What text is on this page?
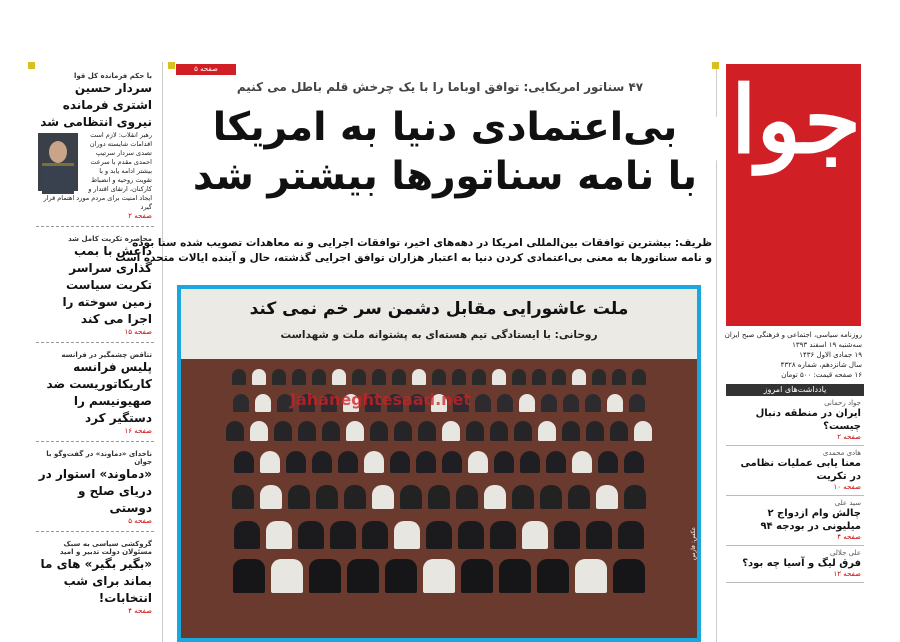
جوان
روزنامه سیاسی، اجتماعی و فرهنگی صبح ایران
سه‌شنبه ۱۹ اسفند ۱۳۹۳
۱۹ جمادی الاول ۱۴۳۶
سال شانزدهم، شماره ۴۳۲۸
۱۶ صفحه قیمت: ۵۰۰ تومان
یادداشت‌های امروز
جواد رحمانی
ایران در منطقه دنبال چیست؟
صفحه ۲
هادی محمدی
معنا یابی عملیات نظامی در تکریت
صفحه ۱۰
سید علی
چالش وام ازدواج ۲ میلیونی در بودجه ۹۴
صفحه ۴
علی جلالی
فرق لیگ و آسیا چه بود؟
صفحه ۱۲
با حکم فرمانده کل قوا
سردار حسین اشتری فرمانده نیروی انتظامی شد
رهبر انقلاب: لازم است اقدامات شایسته دوران تصدی سردار سرتیپ احمدی مقدم با سرعت بیشتر ادامه یابد و با تقویت روحیه و انضباط کارکنان، ارتقای اقتدار و ایجاد امنیت برای مردم مورد اهتمام قرار گیرد
صفحه ۲
محاصره تکریت کامل شد
داعش با بمب گذاری سراسر تکریت سیاست زمین سوخته را اجرا می کند
صفحه ۱۵
تناقض چشمگیر در فرانسه
پلیس فرانسه کاریکاتوریست ضد صهیونیسم را دستگیر کرد
صفحه ۱۶
ناخدای «دماوند» در گفت‌وگو با جوان
«دماوند» استوار در دریای صلح و دوستی
صفحه ۵
گروکشی سیاسی به سبک مسئولان دولت تدبیر و امید
«بگیر بگیر» های ما بماند برای شب انتخابات!
صفحه ۴
صفحه ۵
۴۷ سناتور امریکایی: توافق اوباما را با یک چرخش قلم باطل می کنیم
بی‌اعتمادی دنیا به امریکا
با نامه سناتورها بیشتر شد
ظریف: بیشترین توافقات بین‌المللی امریکا در دهه‌های اخیر، توافقات اجرایی و نه معاهدات تصویب شده سنا بوده
و نامه سناتورها به معنی بی‌اعتمادی کردن دنیا به اعتبار هزاران توافق اجرایی گذشته، حال و آینده ایالات متحده است
ملت عاشورایی مقابل دشمن سر خم نمی کند
روحانی: با ایستادگی تیم هسته‌ای به پشتوانه ملت و شهداست
Jahaneghtesaad.net
عکس: فارس
